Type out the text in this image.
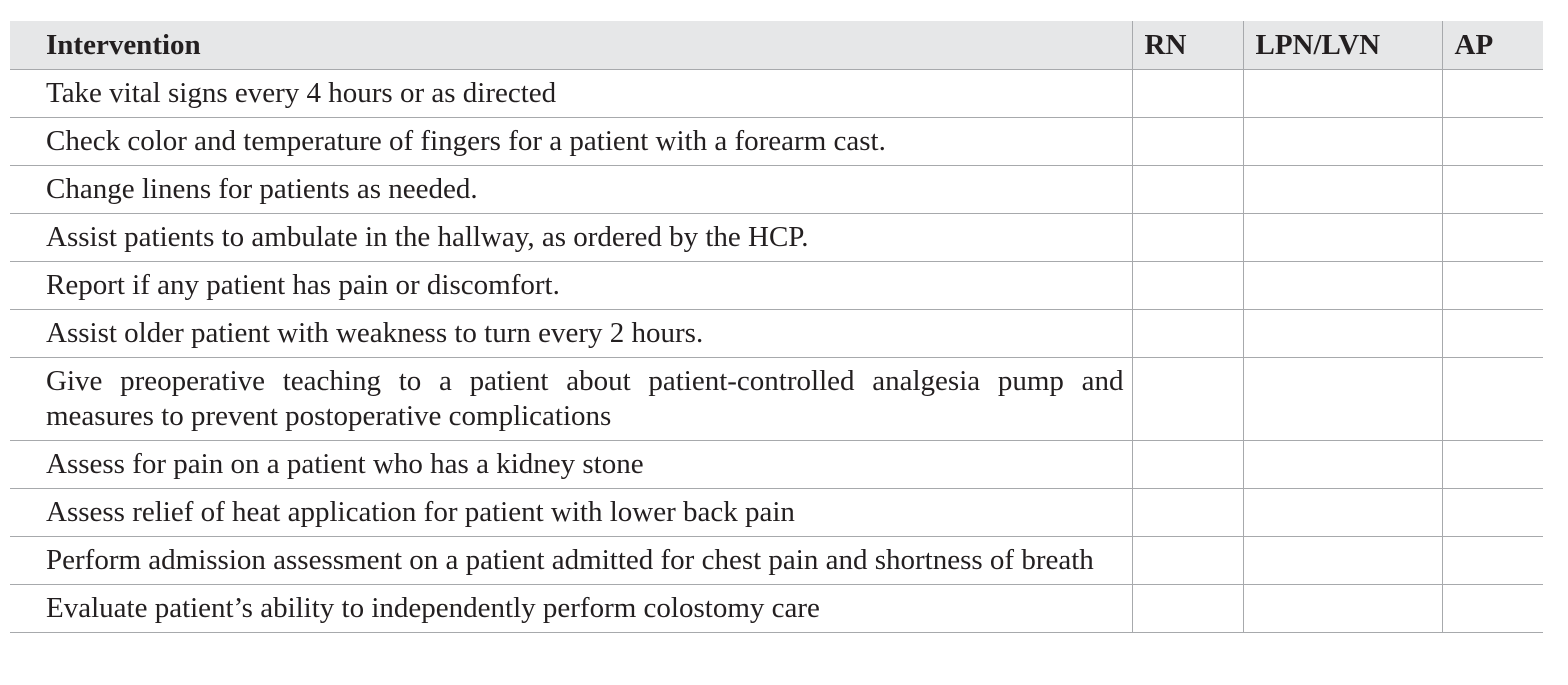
Intervention	RN	LPN/LVN	AP
Take vital signs every 4 hours or as directed			
Check color and temperature of fingers for a patient with a forearm cast.			
Change linens for patients as needed.			
Assist patients to ambulate in the hallway, as ordered by the HCP.			
Report if any patient has pain or discomfort.			
Assist older patient with weakness to turn every 2 hours.			
Give preoperative teaching to a patient about patient-controlled analgesia pump and measures to prevent postoperative complications			
Assess for pain on a patient who has a kidney stone			
Assess relief of heat application for patient with lower back pain			
Perform admission assessment on a patient admitted for chest pain and shortness of breath			
Evaluate patient’s ability to independently perform colostomy care			
